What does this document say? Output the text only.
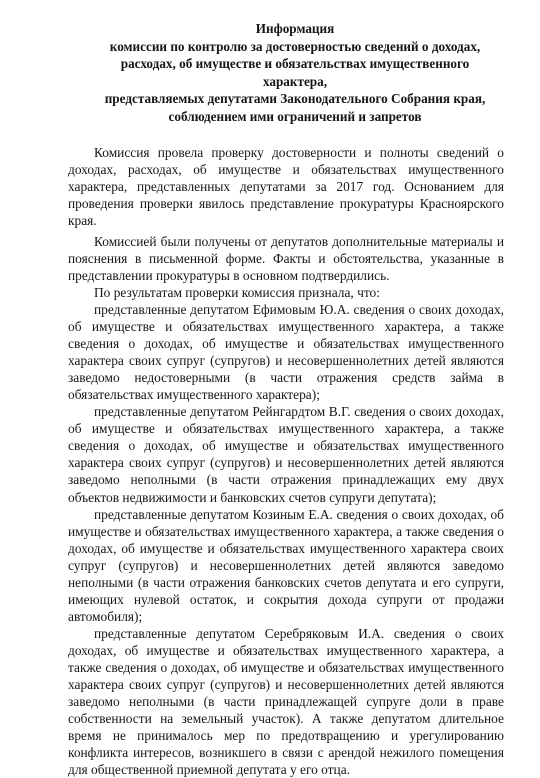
Информация
комиссии по контролю за достоверностью сведений о доходах,
расходах, об имуществе и обязательствах имущественного характера,
представляемых депутатами Законодательного Собрания края,
соблюдением ими ограничений и запретов

Комиссия провела проверку достоверности и полноты сведений о доходах, расходах, об имуществе и обязательствах имущественного характера, представленных депутатами за 2017 год. Основанием для проведения проверки явилось представление прокуратуры Красноярского края.

Комиссией были получены от депутатов дополнительные материалы и пояснения в письменной форме. Факты и обстоятельства, указанные в представлении прокуратуры в основном подтвердились.

По результатам проверки комиссия признала, что:

представленные депутатом Ефимовым Ю.А. сведения о своих доходах, об имуществе и обязательствах имущественного характера, а также сведения о доходах, об имуществе и обязательствах имущественного характера своих супруг (супругов) и несовершеннолетних детей являются заведомо недостоверными (в части отражения средств займа в обязательствах имущественного характера);

представленные депутатом Рейнгардтом В.Г. сведения о своих доходах, об имуществе и обязательствах имущественного характера, а также сведения о доходах, об имуществе и обязательствах имущественного характера своих супруг (супругов) и несовершеннолетних детей являются заведомо неполными (в части отражения принадлежащих ему двух объектов недвижимости и банковских счетов супруги депутата);

представленные депутатом Козиным Е.А. сведения о своих доходах, об имуществе и обязательствах имущественного характера, а также сведения о доходах, об имуществе и обязательствах имущественного характера своих супруг (супругов) и несовершеннолетних детей являются заведомо неполными (в части отражения банковских счетов депутата и его супруги, имеющих нулевой остаток, и сокрытия дохода супруги от продажи автомобиля);

представленные депутатом Серебряковым И.А. сведения о своих доходах, об имуществе и обязательствах имущественного характера, а также сведения о доходах, об имуществе и обязательствах имущественного характера своих супруг (супругов) и несовершеннолетних детей являются заведомо неполными (в части принадлежащей супруге доли в праве собственности на земельный участок). А также депутатом длительное время не принималось мер по предотвращению и урегулированию конфликта интересов, возникшего в связи с арендой нежилого помещения для общественной приемной депутата у его отца.
